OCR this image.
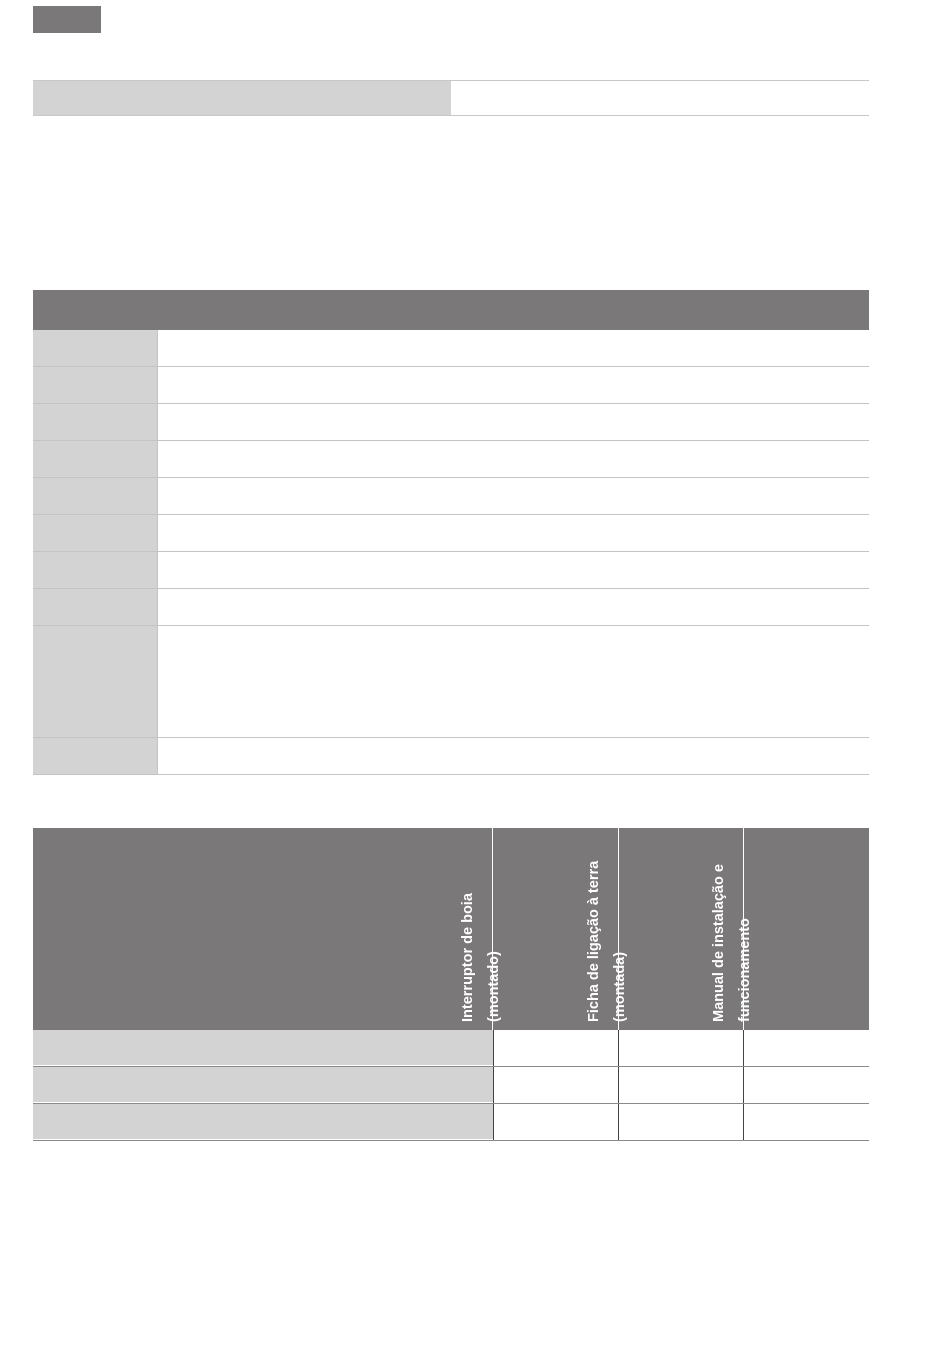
Interruptor de boia
(montado)	Ficha de ligação à terra
(montada)	Manual de instalação e
funcionamento
